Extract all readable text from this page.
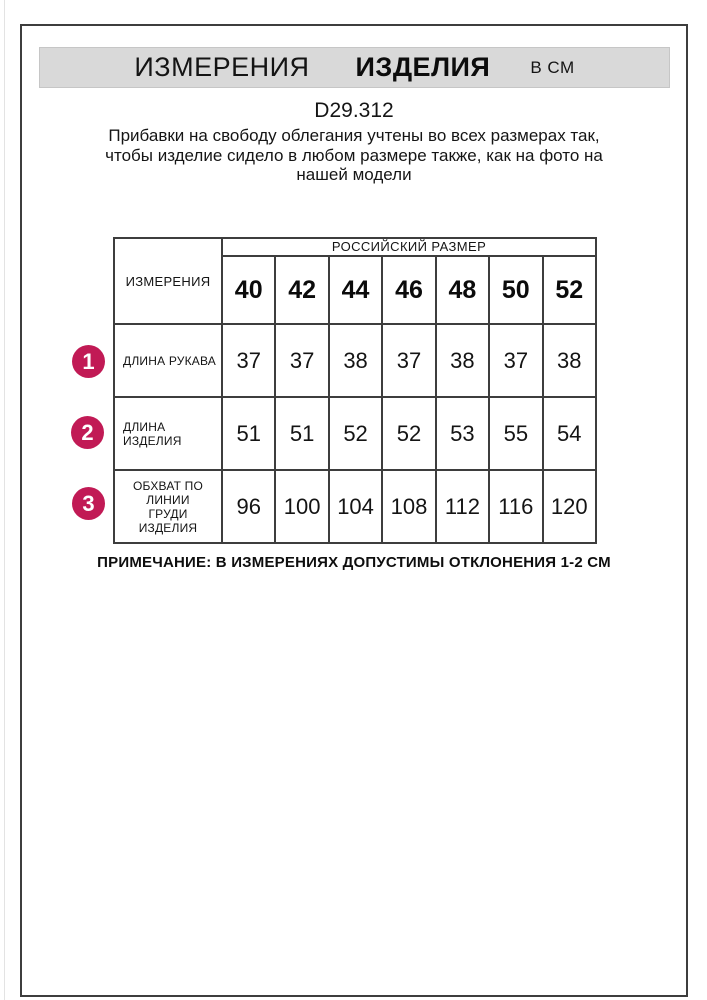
ИЗМЕРЕНИЯ ИЗДЕЛИЯ В СМ
D29.312
Прибавки на свободу облегания учтены во всех размерах так, чтобы изделие сидело в любом размере также, как на фото на нашей модели
ИЗМЕРЕНИЯ	РОССИЙСКИЙ РАЗМЕР						
	40	42	44	46	48	50	52
ДЛИНА РУКАВА	37	37	38	37	38	37	38
ДЛИНА ИЗДЕЛИЯ	51	51	52	52	53	55	54
ОБХВАТ ПО ЛИНИИ ГРУДИ ИЗДЕЛИЯ	96	100	104	108	112	116	120
1
2
3
ПРИМЕЧАНИЕ: В ИЗМЕРЕНИЯХ ДОПУСТИМЫ ОТКЛОНЕНИЯ 1-2 СМ
